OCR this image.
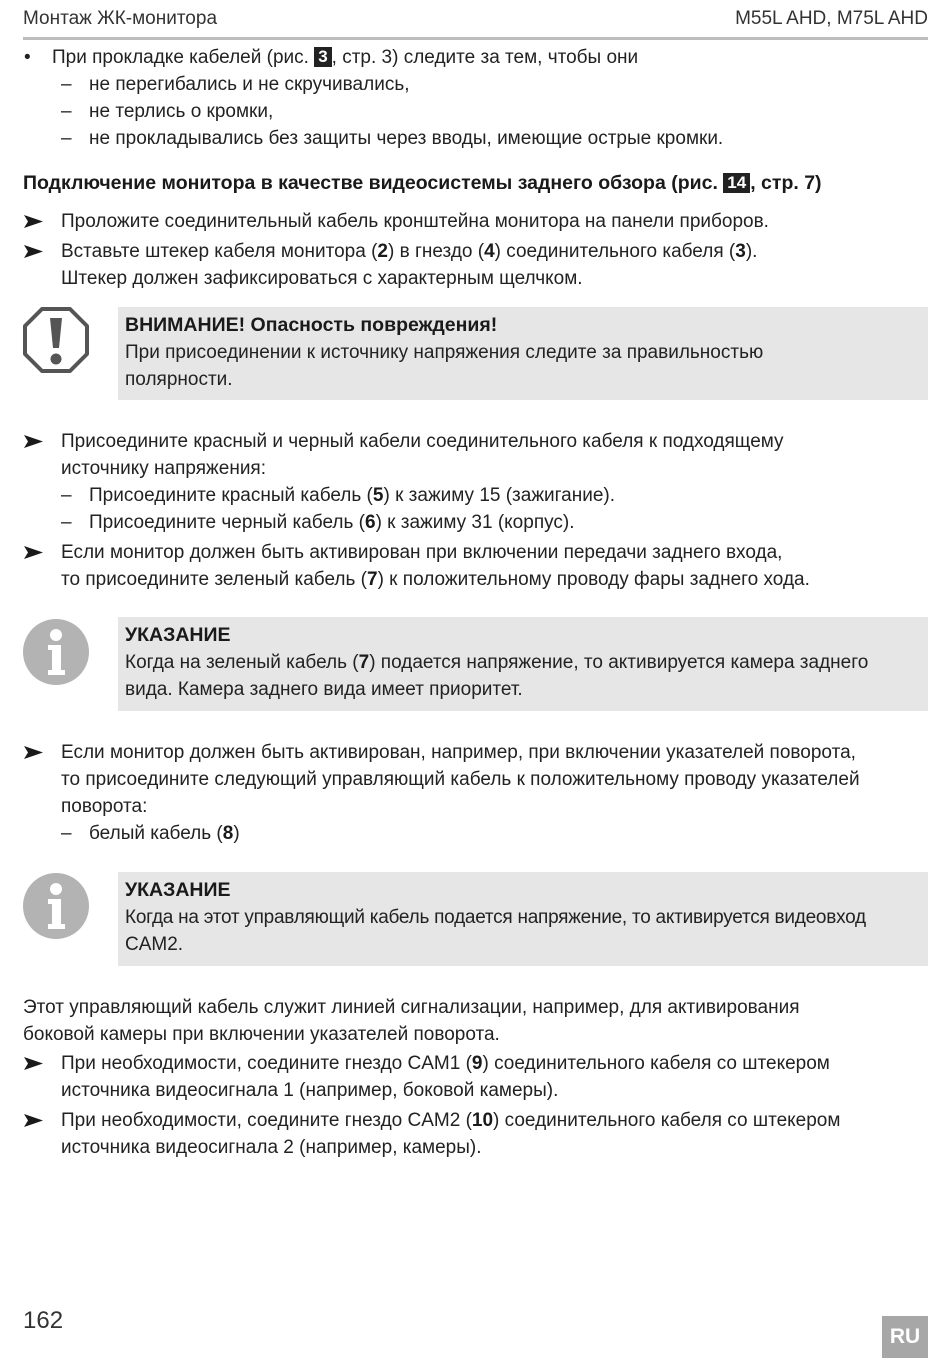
Монтаж ЖК-монитора	M55L AHD, M75L AHD
• При прокладке кабелей (рис. 3 , стр. 3) следите за тем, чтобы они
– не перегибались и не скручивались,
– не терлись о кромки,
– не прокладывались без защиты через вводы, имеющие острые кромки.
Подключение монитора в качестве видеосистемы заднего обзора (рис. 14 , стр. 7)
Проложите соединительный кабель кронштейна монитора на панели приборов.
Вставьте штекер кабеля монитора (2) в гнездо (4) соединительного кабеля (3).
Штекер должен зафиксироваться с характерным щелчком.
ВНИМАНИЕ! Опасность повреждения!
При присоединении к источнику напряжения следите за правильностью
полярности.
Присоедините красный и черный кабели соединительного кабеля к подходящему
источнику напряжения:
– Присоедините красный кабель (5) к зажиму 15 (зажигание).
– Присоедините черный кабель (6) к зажиму 31 (корпус).
Если монитор должен быть активирован при включении передачи заднего входа,
то присоедините зеленый кабель (7) к положительному проводу фары заднего хода.
УКАЗАНИЕ
Когда на зеленый кабель (7) подается напряжение, то активируется камера заднего
вида. Камера заднего вида имеет приоритет.
Если монитор должен быть активирован, например, при включении указателей поворота,
то присоедините следующий управляющий кабель к положительному проводу указателей
поворота:
– белый кабель (8)
УКАЗАНИЕ
Когда на этот управляющий кабель подается напряжение, то активируется видеовход
CAM2.
Этот управляющий кабель служит линией сигнализации, например, для активирования
боковой камеры при включении указателей поворота.
При необходимости, соедините гнездо CAM1 (9) соединительного кабеля со штекером
источника видеосигнала 1 (например, боковой камеры).
При необходимости, соедините гнездо CAM2 (10) соединительного кабеля со штекером
источника видеосигнала 2 (например, камеры).
162
RU
